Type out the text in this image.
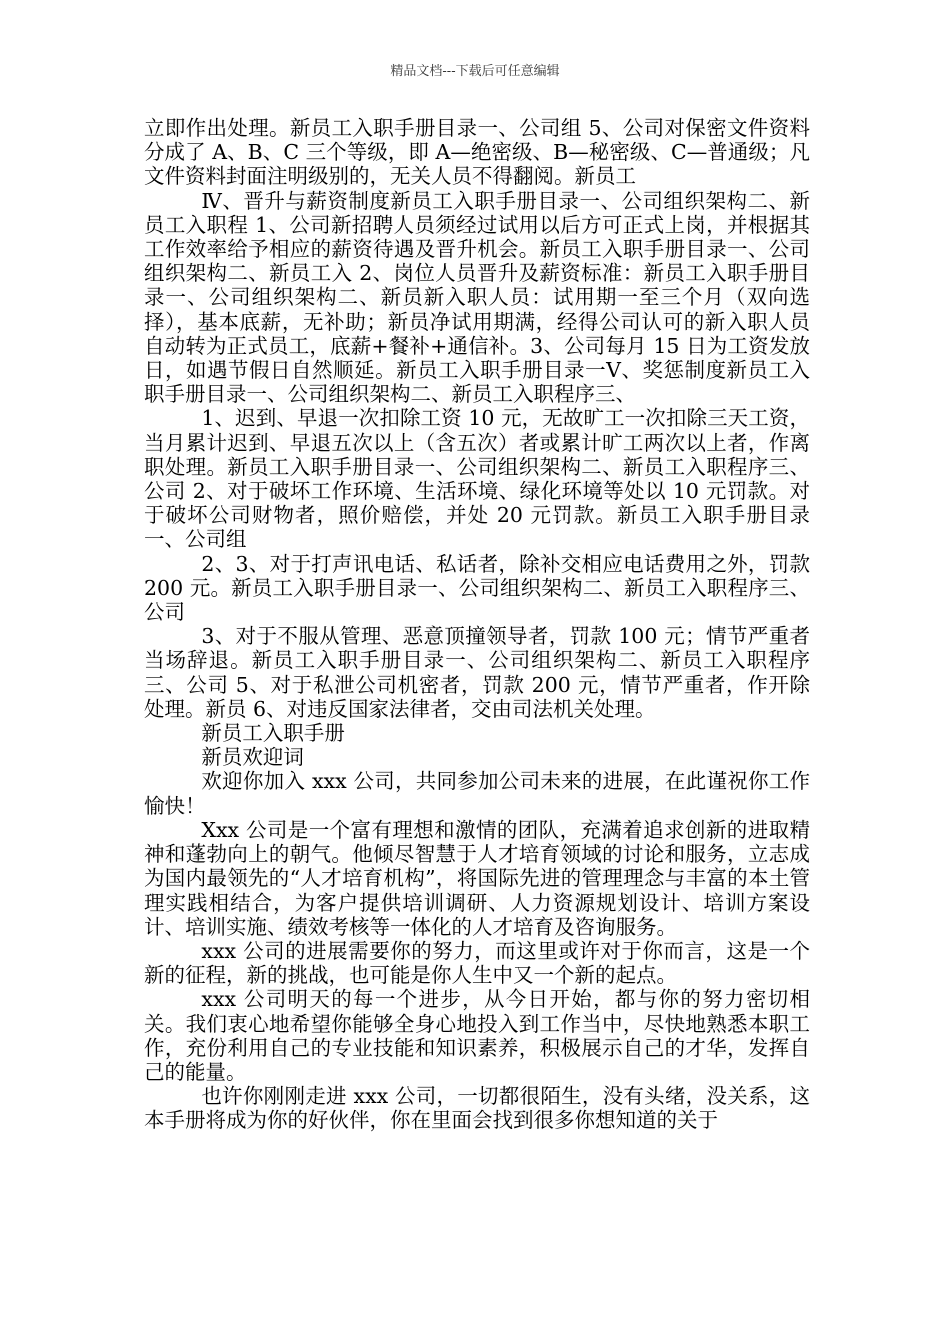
精品文档---下载后可任意编辑

立即作出处理。新员工入职手册目录一、公司组 5、公司对保密文件资料分成了 A、B、C 三个等级，即 A—绝密级、B—秘密级、C—普通级；凡文件资料封面注明级别的，无关人员不得翻阅。新员工

Ⅳ、晋升与薪资制度新员工入职手册目录一、公司组织架构二、新员工入职程 1、公司新招聘人员须经过试用以后方可正式上岗，并根据其工作效率给予相应的薪资待遇及晋升机会。新员工入职手册目录一、公司组织架构二、新员工入 2、岗位人员晋升及薪资标准：新员工入职手册目录一、公司组织架构二、新员新入职人员：试用期一至三个月（双向选择），基本底薪，无补助；新员净试用期满，经得公司认可的新入职人员自动转为正式员工，底薪+餐补+通信补。3、公司每月 15 日为工资发放日，如遇节假日自然顺延。新员工入职手册目录一Ⅴ、奖惩制度新员工入职手册目录一、公司组织架构二、新员工入职程序三、

1、迟到、早退一次扣除工资 10 元，无故旷工一次扣除三天工资，当月累计迟到、早退五次以上（含五次）者或累计旷工两次以上者，作离职处理。新员工入职手册目录一、公司组织架构二、新员工入职程序三、公司 2、对于破坏工作环境、生活环境、绿化环境等处以 10 元罚款。对于破坏公司财物者，照价赔偿，并处 20 元罚款。新员工入职手册目录一、公司组

2、3、对于打声讯电话、私话者，除补交相应电话费用之外，罚款 200 元。新员工入职手册目录一、公司组织架构二、新员工入职程序三、公司

3、对于不服从管理、恶意顶撞领导者，罚款 100 元；情节严重者当场辞退。新员工入职手册目录一、公司组织架构二、新员工入职程序三、公司 5、对于私泄公司机密者，罚款 200 元，情节严重者，作开除处理。新员 6、对违反国家法律者，交由司法机关处理。

新员工入职手册

新员欢迎词

欢迎你加入 xxx 公司，共同参加公司未来的进展，在此谨祝你工作愉快！

Xxx 公司是一个富有理想和激情的团队，充满着追求创新的进取精神和蓬勃向上的朝气。他倾尽智慧于人才培育领域的讨论和服务，立志成为国内最领先的“人才培育机构”，将国际先进的管理理念与丰富的本土管理实践相结合，为客户提供培训调研、人力资源规划设计、培训方案设计、培训实施、绩效考核等一体化的人才培育及咨询服务。

xxx 公司的进展需要你的努力，而这里或许对于你而言，这是一个新的征程，新的挑战，也可能是你人生中又一个新的起点。

xxx 公司明天的每一个进步，从今日开始，都与你的努力密切相关。我们衷心地希望你能够全身心地投入到工作当中，尽快地熟悉本职工作，充份利用自己的专业技能和知识素养，积极展示自己的才华，发挥自己的能量。

也许你刚刚走进 xxx 公司，一切都很陌生，没有头绪，没关系，这本手册将成为你的好伙伴，你在里面会找到很多你想知道的关于
